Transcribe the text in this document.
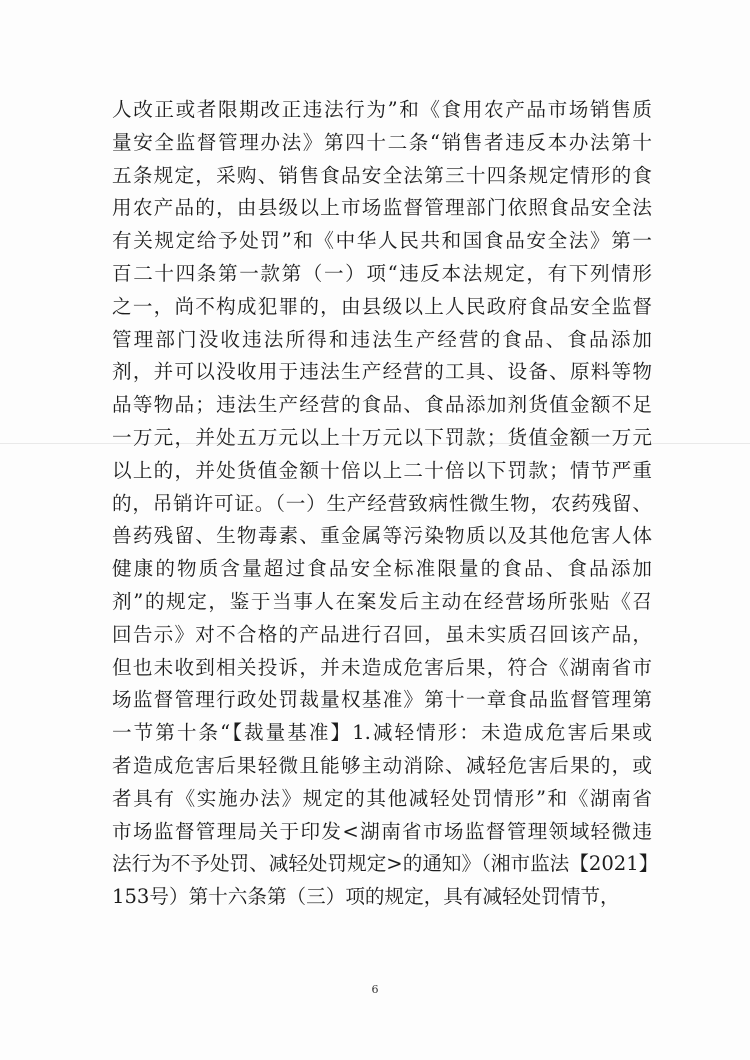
人改正或者限期改正违法行为”和《食用农产品市场销售质
量安全监督管理办法》第四十二条“销售者违反本办法第十
五条规定，采购、销售食品安全法第三十四条规定情形的食
用农产品的，由县级以上市场监督管理部门依照食品安全法
有关规定给予处罚”和《中华人民共和国食品安全法》第一
百二十四条第一款第（一）项“违反本法规定，有下列情形
之一，尚不构成犯罪的，由县级以上人民政府食品安全监督
管理部门没收违法所得和违法生产经营的食品、食品添加
剂，并可以没收用于违法生产经营的工具、设备、原料等物
品等物品；违法生产经营的食品、食品添加剂货值金额不足
一万元，并处五万元以上十万元以下罚款；货值金额一万元
以上的，并处货值金额十倍以上二十倍以下罚款；情节严重
的，吊销许可证。（一）生产经营致病性微生物，农药残留、
兽药残留、生物毒素、重金属等污染物质以及其他危害人体
健康的物质含量超过食品安全标准限量的食品、食品添加
剂”的规定，鉴于当事人在案发后主动在经营场所张贴《召
回告示》对不合格的产品进行召回，虽未实质召回该产品，
但也未收到相关投诉，并未造成危害后果，符合《湖南省市
场监督管理行政处罚裁量权基准》第十一章食品监督管理第
一节第十条“【裁量基准】1.减轻情形：未造成危害后果或
者造成危害后果轻微且能够主动消除、减轻危害后果的，或
者具有《实施办法》规定的其他减轻处罚情形”和《湖南省
市场监督管理局关于印发<湖南省市场监督管理领域轻微违
法行为不予处罚、减轻处罚规定>的通知》（湘市监法【2021】
153号）第十六条第（三）项的规定，具有减轻处罚情节，
6
